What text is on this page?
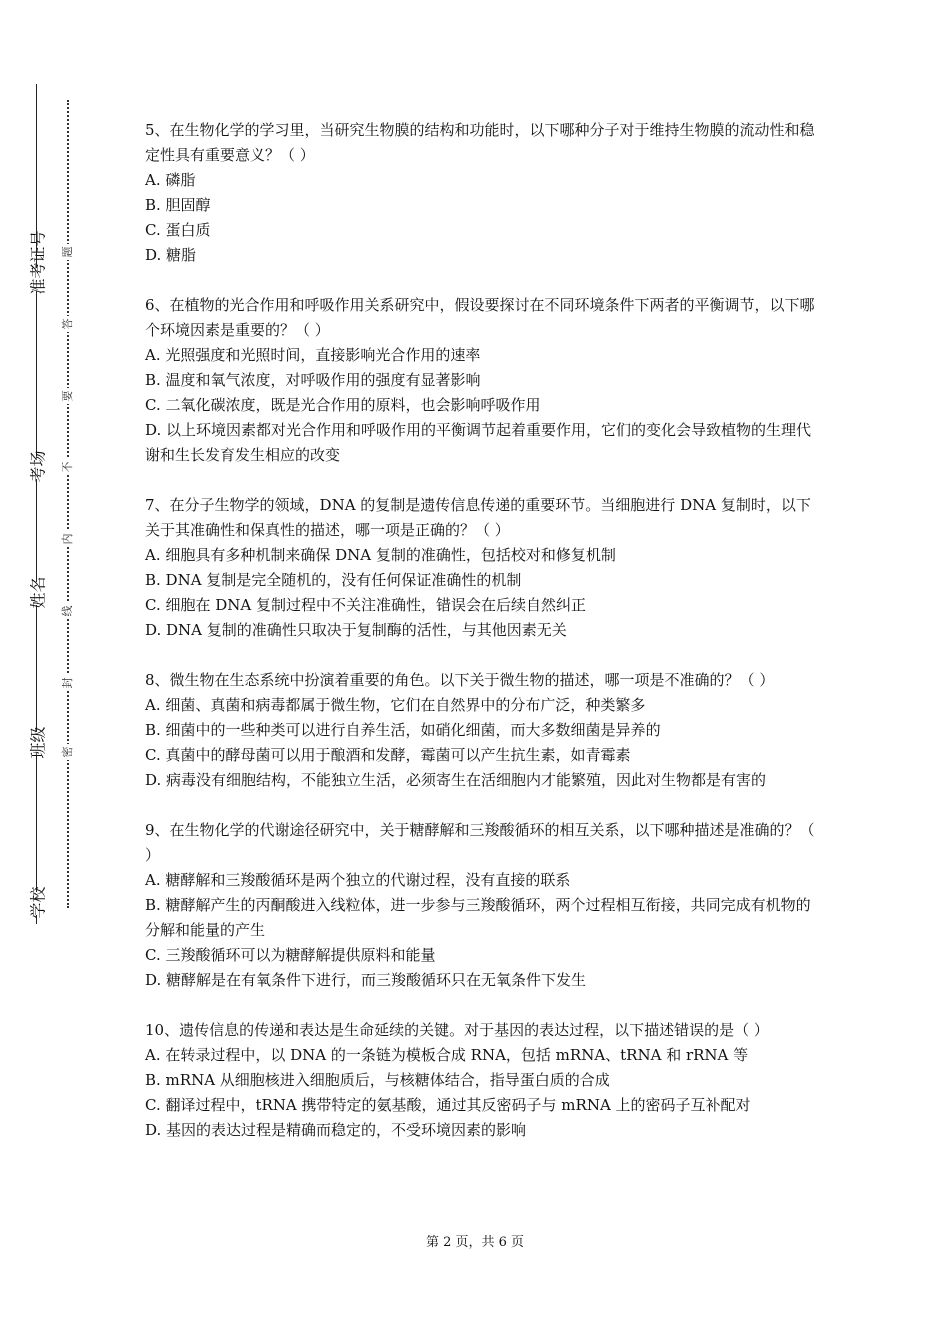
学校
班级
姓名
考场
准考证号
密
封
线
内
不
要
答
题

5、在生物化学的学习里，当研究生物膜的结构和功能时，以下哪种分子对于维持生物膜的流动性和稳定性具有重要意义？（ ）

A. 磷脂

B. 胆固醇

C. 蛋白质

D. 糖脂

6、在植物的光合作用和呼吸作用关系研究中，假设要探讨在不同环境条件下两者的平衡调节，以下哪个环境因素是重要的？（ ）

A. 光照强度和光照时间，直接影响光合作用的速率

B. 温度和氧气浓度，对呼吸作用的强度有显著影响

C. 二氧化碳浓度，既是光合作用的原料，也会影响呼吸作用

D. 以上环境因素都对光合作用和呼吸作用的平衡调节起着重要作用，它们的变化会导致植物的生理代谢和生长发育发生相应的改变

7、在分子生物学的领域，DNA 的复制是遗传信息传递的重要环节。当细胞进行 DNA 复制时，以下关于其准确性和保真性的描述，哪一项是正确的？（ ）

A. 细胞具有多种机制来确保 DNA 复制的准确性，包括校对和修复机制

B. DNA 复制是完全随机的，没有任何保证准确性的机制

C. 细胞在 DNA 复制过程中不关注准确性，错误会在后续自然纠正

D. DNA 复制的准确性只取决于复制酶的活性，与其他因素无关

8、微生物在生态系统中扮演着重要的角色。以下关于微生物的描述，哪一项是不准确的？（ ）

A. 细菌、真菌和病毒都属于微生物，它们在自然界中的分布广泛，种类繁多

B. 细菌中的一些种类可以进行自养生活，如硝化细菌，而大多数细菌是异养的

C. 真菌中的酵母菌可以用于酿酒和发酵，霉菌可以产生抗生素，如青霉素

D. 病毒没有细胞结构，不能独立生活，必须寄生在活细胞内才能繁殖，因此对生物都是有害的

9、在生物化学的代谢途径研究中，关于糖酵解和三羧酸循环的相互关系，以下哪种描述是准确的？（ ）

A. 糖酵解和三羧酸循环是两个独立的代谢过程，没有直接的联系

B. 糖酵解产生的丙酮酸进入线粒体，进一步参与三羧酸循环，两个过程相互衔接，共同完成有机物的分解和能量的产生

C. 三羧酸循环可以为糖酵解提供原料和能量

D. 糖酵解是在有氧条件下进行，而三羧酸循环只在无氧条件下发生

10、遗传信息的传递和表达是生命延续的关键。对于基因的表达过程，以下描述错误的是（ ）

A. 在转录过程中，以 DNA 的一条链为模板合成 RNA，包括 mRNA、tRNA 和 rRNA 等

B. mRNA 从细胞核进入细胞质后，与核糖体结合，指导蛋白质的合成

C. 翻译过程中，tRNA 携带特定的氨基酸，通过其反密码子与 mRNA 上的密码子互补配对

D. 基因的表达过程是精确而稳定的，不受环境因素的影响

第 2 页，共 6 页
